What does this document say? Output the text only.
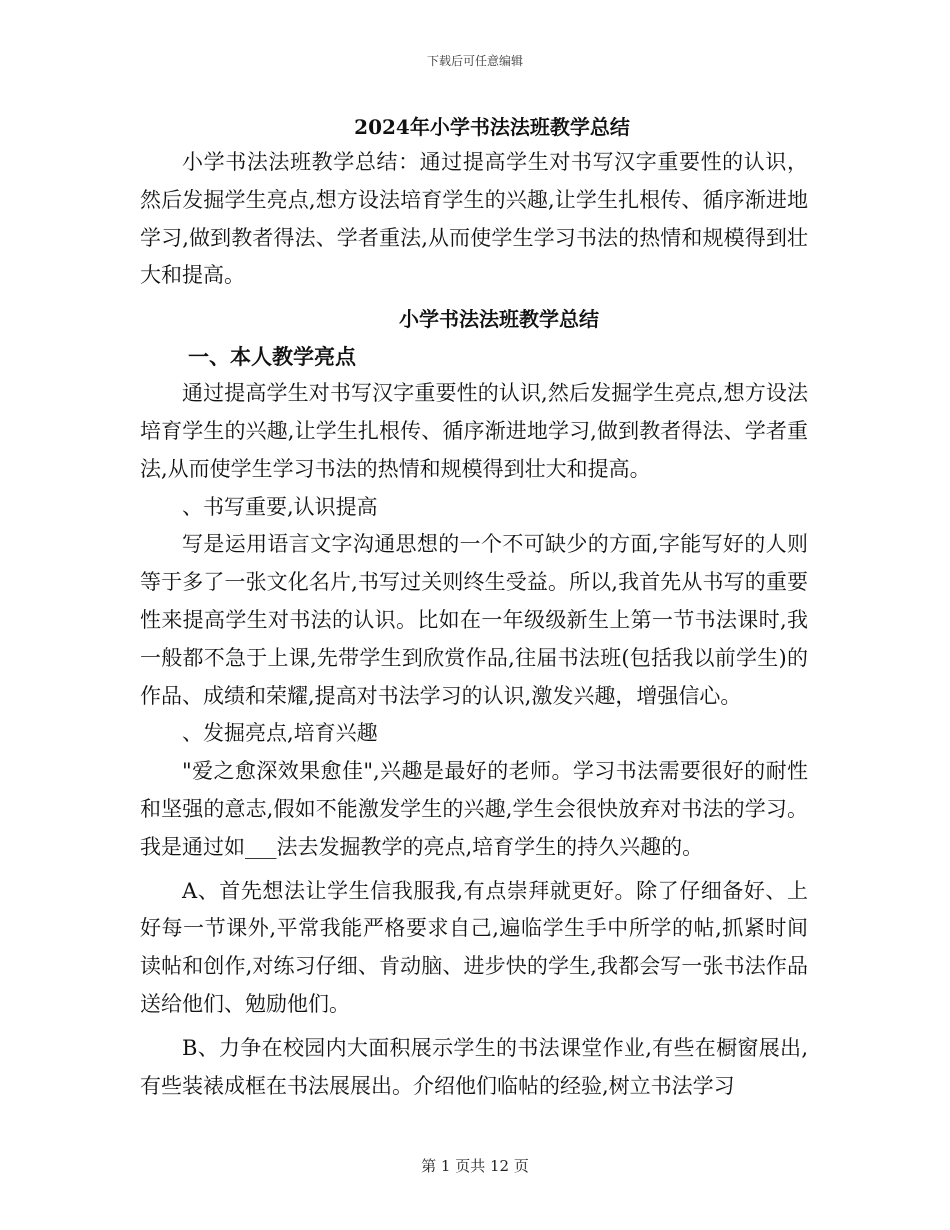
下载后可任意编辑

2024年小学书法法班教学总结

小学书法法班教学总结：通过提高学生对书写汉字重要性的认识，然后发掘学生亮点,想方设法培育学生的兴趣,让学生扎根传、循序渐进地学习,做到教者得法、学者重法,从而使学生学习书法的热情和规模得到壮大和提高。

小学书法法班教学总结

一、本人教学亮点

通过提高学生对书写汉字重要性的认识,然后发掘学生亮点,想方设法培育学生的兴趣,让学生扎根传、循序渐进地学习,做到教者得法、学者重法,从而使学生学习书法的热情和规模得到壮大和提高。

、书写重要,认识提高

写是运用语言文字沟通思想的一个不可缺少的方面,字能写好的人则等于多了一张文化名片,书写过关则终生受益。所以,我首先从书写的重要性来提高学生对书法的认识。比如在一年级级新生上第一节书法课时,我一般都不急于上课,先带学生到欣赏作品,往届书法班(包括我以前学生)的作品、成绩和荣耀,提高对书法学习的认识,激发兴趣，增强信心。

、发掘亮点,培育兴趣

"爱之愈深效果愈佳",兴趣是最好的老师。学习书法需要很好的耐性和坚强的意志,假如不能激发学生的兴趣,学生会很快放弃对书法的学习。我是通过如___法去发掘教学的亮点,培育学生的持久兴趣的。

A、首先想法让学生信我服我,有点崇拜就更好。除了仔细备好、上好每一节课外,平常我能严格要求自己,遍临学生手中所学的帖,抓紧时间读帖和创作,对练习仔细、肯动脑、进步快的学生,我都会写一张书法作品送给他们、勉励他们。

B、力争在校园内大面积展示学生的书法课堂作业,有些在橱窗展出,有些装裱成框在书法展展出。介绍他们临帖的经验,树立书法学习

第 1 页共 12 页
